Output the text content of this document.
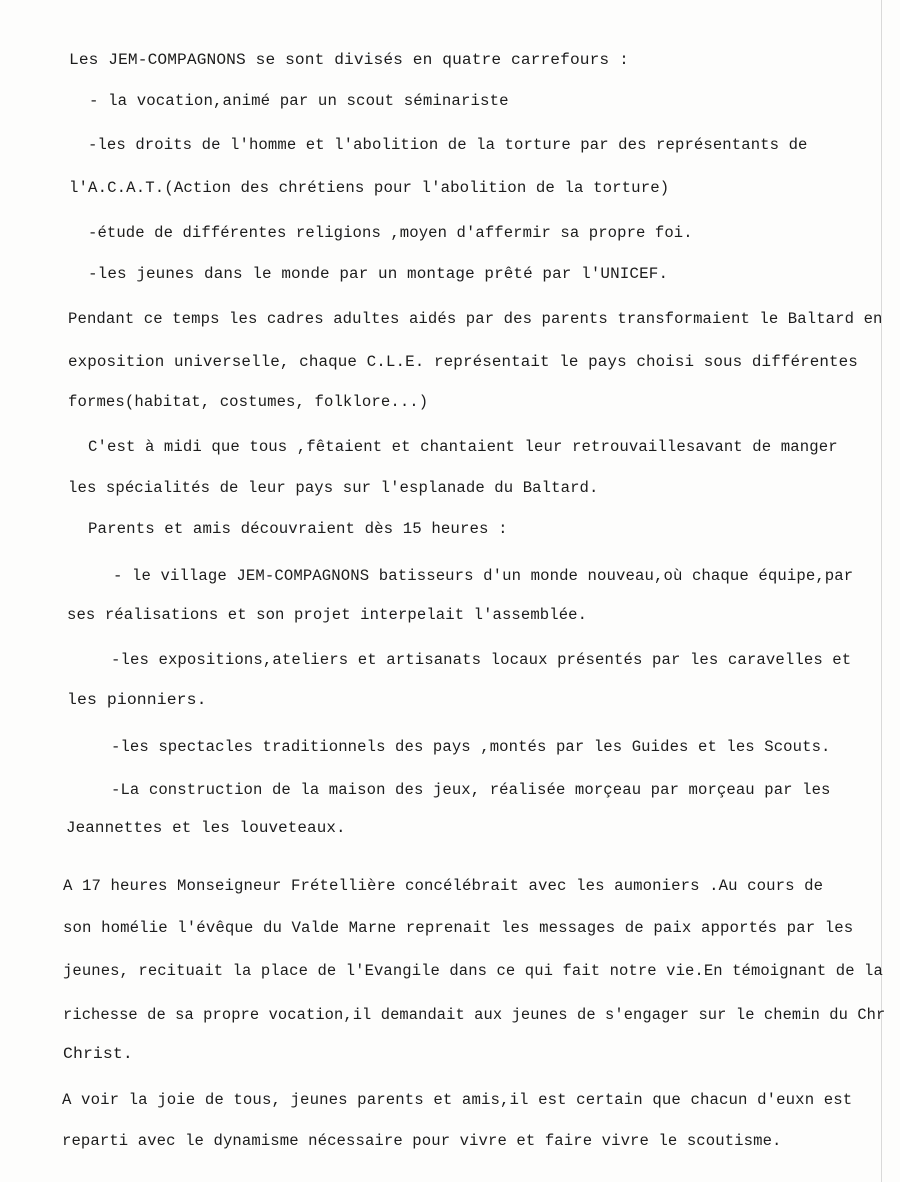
Les JEM-COMPAGNONS se sont divisés en quatre carrefours :
- la vocation,animé par un scout séminariste
-les droits de l'homme et l'abolition de la torture par des représentants de
l'A.C.A.T.(Action des chrétiens pour l'abolition de la torture)
-étude de différentes religions ,moyen d'affermir sa propre foi.
-les jeunes dans le monde par un montage prêté par l'UNICEF.
Pendant ce temps les cadres adultes aidés par des parents transformaient le Baltard en
exposition universelle, chaque C.L.E. représentait le pays choisi sous différentes
formes(habitat, costumes, folklore...)
C'est à midi que tous ,fêtaient et chantaient leur retrouvaillesavant de manger
les spécialités de leur pays sur l'esplanade du Baltard.
Parents et amis découvraient dès 15 heures :
- le village JEM-COMPAGNONS batisseurs d'un monde nouveau,où chaque équipe,par
ses réalisations et son projet interpelait l'assemblée.
-les expositions,ateliers et artisanats locaux présentés par les caravelles et
les pionniers.
-les spectacles traditionnels des pays ,montés par les Guides et les Scouts.
-La construction de la maison des jeux, réalisée morçeau par morçeau par les
Jeannettes et les louveteaux.
A 17 heures Monseigneur Frétellière concélébrait avec les aumoniers .Au cours de
son homélie l'évêque du Valde Marne reprenait les messages de paix apportés par les
jeunes, recituait la place de l'Evangile dans ce qui fait notre vie.En témoignant de la
richesse de sa propre vocation,il demandait aux jeunes de s'engager sur le chemin du Chr
Christ.
A voir la joie de tous, jeunes parents et amis,il est certain que chacun d'euxn est
reparti avec le dynamisme nécessaire pour vivre et faire vivre le scoutisme.
